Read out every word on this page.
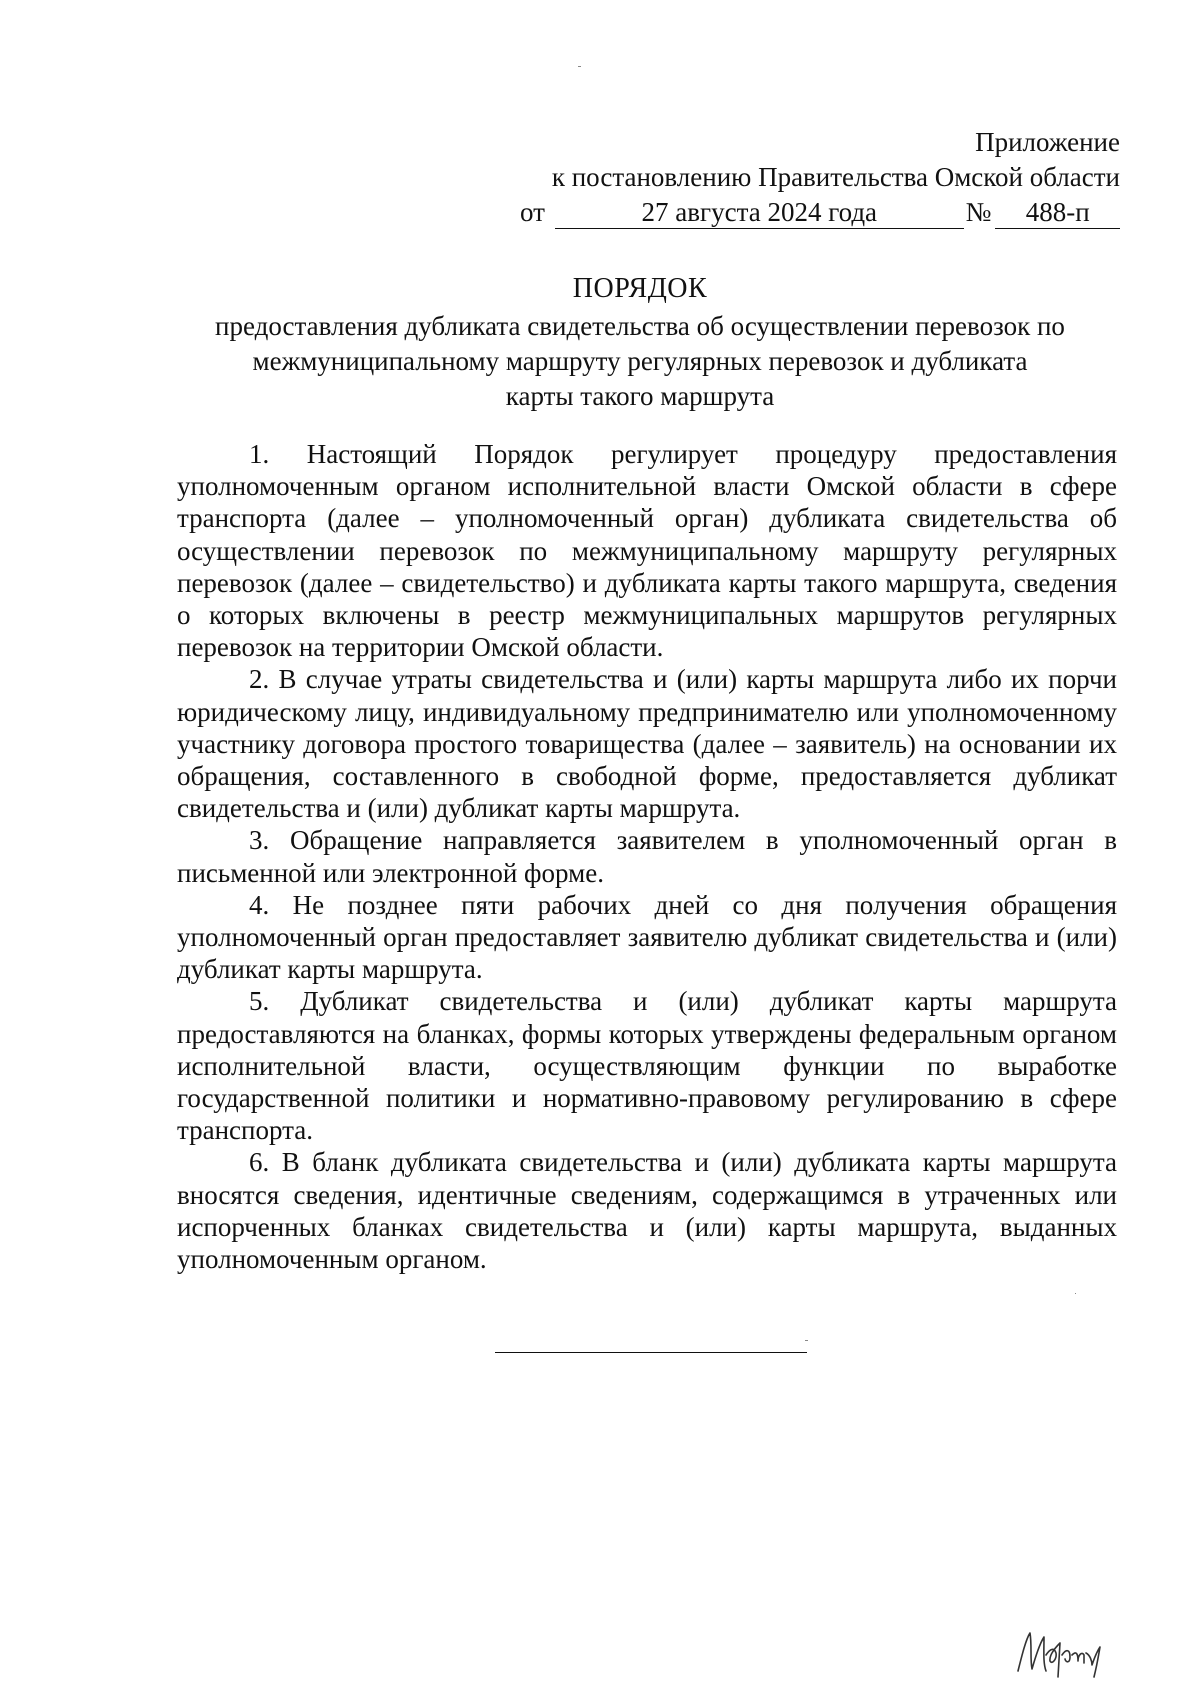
Приложение
к постановлению Правительства Омской области
от	27 августа 2024 года	№	488-п
ПОРЯДОК
предоставления дубликата свидетельства об осуществлении перевозок по
межмуниципальному маршруту регулярных перевозок и дубликата
карты такого маршрута

1. Настоящий Порядок регулирует процедуру предоставления уполномоченным органом исполнительной власти Омской области в сфере транспорта (далее – уполномоченный орган) дубликата свидетельства об осуществлении перевозок по межмуниципальному маршруту регулярных перевозок (далее – свидетельство) и дубликата карты такого маршрута, сведения о которых включены в реестр межмуниципальных маршрутов регулярных перевозок на территории Омской области.

2. В случае утраты свидетельства и (или) карты маршрута либо их порчи юридическому лицу, индивидуальному предпринимателю или уполномоченному участнику договора простого товарищества (далее – заявитель) на основании их обращения, составленного в свободной форме, предоставляется дубликат свидетельства и (или) дубликат карты маршрута.

3. Обращение направляется заявителем в уполномоченный орган в письменной или электронной форме.

4. Не позднее пяти рабочих дней со дня получения обращения уполномоченный орган предоставляет заявителю дубликат свидетельства и (или) дубликат карты маршрута.

5. Дубликат свидетельства и (или) дубликат карты маршрута предоставляются на бланках, формы которых утверждены федеральным органом исполнительной власти, осуществляющим функции по выработке государственной политики и нормативно-правовому регулированию в сфере транспорта.

6. В бланк дубликата свидетельства и (или) дубликата карты маршрута вносятся сведения, идентичные сведениям, содержащимся в утраченных или испорченных бланках свидетельства и (или) карты маршрута, выданных уполномоченным органом.
